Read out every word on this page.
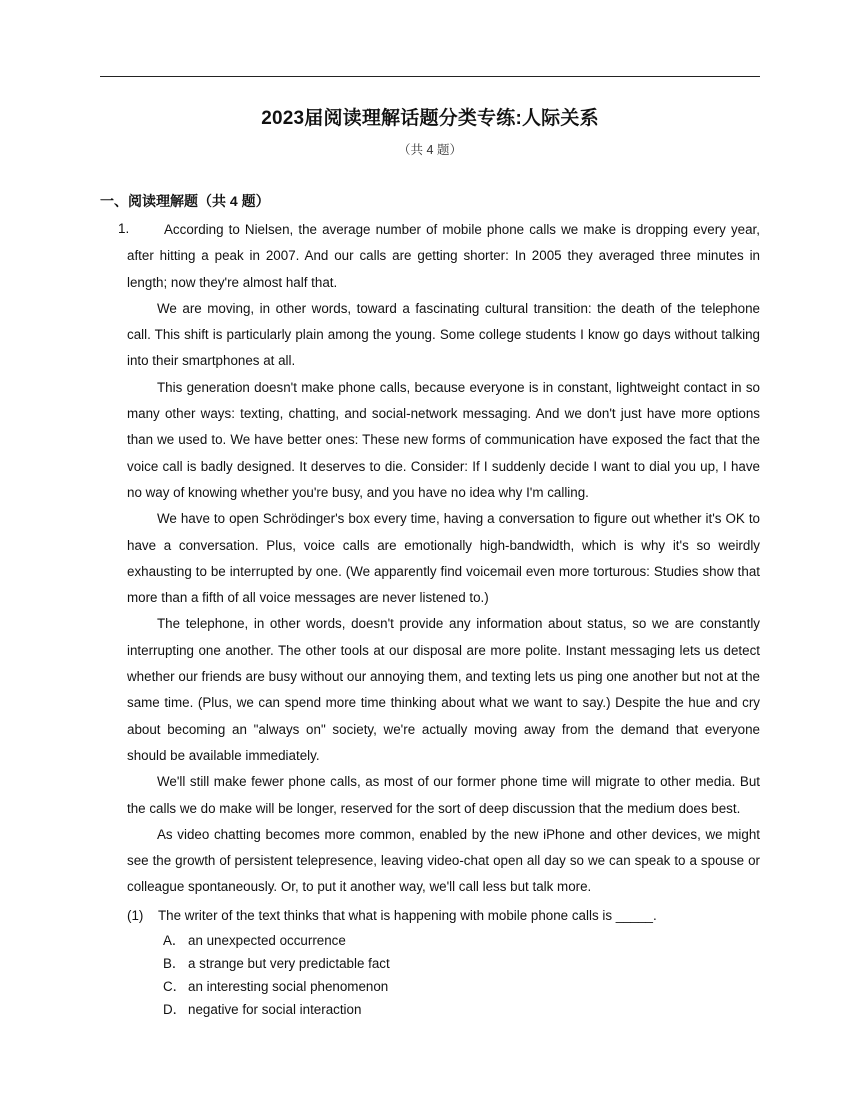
2023届阅读理解话题分类专练:人际关系
（共 4 题）
一、阅读理解题（共 4 题）
1.	According to Nielsen, the average number of mobile phone calls we make is dropping every year, after hitting a peak in 2007. And our calls are getting shorter: In 2005 they averaged three minutes in length; now they're almost half that.

We are moving, in other words, toward a fascinating cultural transition: the death of the telephone call. This shift is particularly plain among the young. Some college students I know go days without talking into their smartphones at all.

This generation doesn't make phone calls, because everyone is in constant, lightweight contact in so many other ways: texting, chatting, and social-network messaging. And we don't just have more options than we used to. We have better ones: These new forms of communication have exposed the fact that the voice call is badly designed. It deserves to die. Consider: If I suddenly decide I want to dial you up, I have no way of knowing whether you're busy, and you have no idea why I'm calling.

We have to open Schrödinger's box every time, having a conversation to figure out whether it's OK to have a conversation. Plus, voice calls are emotionally high-bandwidth, which is why it's so weirdly exhausting to be interrupted by one. (We apparently find voicemail even more torturous: Studies show that more than a fifth of all voice messages are never listened to.)

The telephone, in other words, doesn't provide any information about status, so we are constantly interrupting one another. The other tools at our disposal are more polite. Instant messaging lets us detect whether our friends are busy without our annoying them, and texting lets us ping one another but not at the same time. (Plus, we can spend more time thinking about what we want to say.) Despite the hue and cry about becoming an "always on" society, we're actually moving away from the demand that everyone should be available immediately.

We'll still make fewer phone calls, as most of our former phone time will migrate to other media. But the calls we do make will be longer, reserved for the sort of deep discussion that the medium does best.

As video chatting becomes more common, enabled by the new iPhone and other devices, we might see the growth of persistent telepresence, leaving video-chat open all day so we can speak to a spouse or colleague spontaneously. Or, to put it another way, we'll call less but talk more.

(1) The writer of the text thinks that what is happening with mobile phone calls is _____.
A． an unexpected occurrence
B． a strange but very predictable fact
C． an interesting social phenomenon
D． negative for social interaction
